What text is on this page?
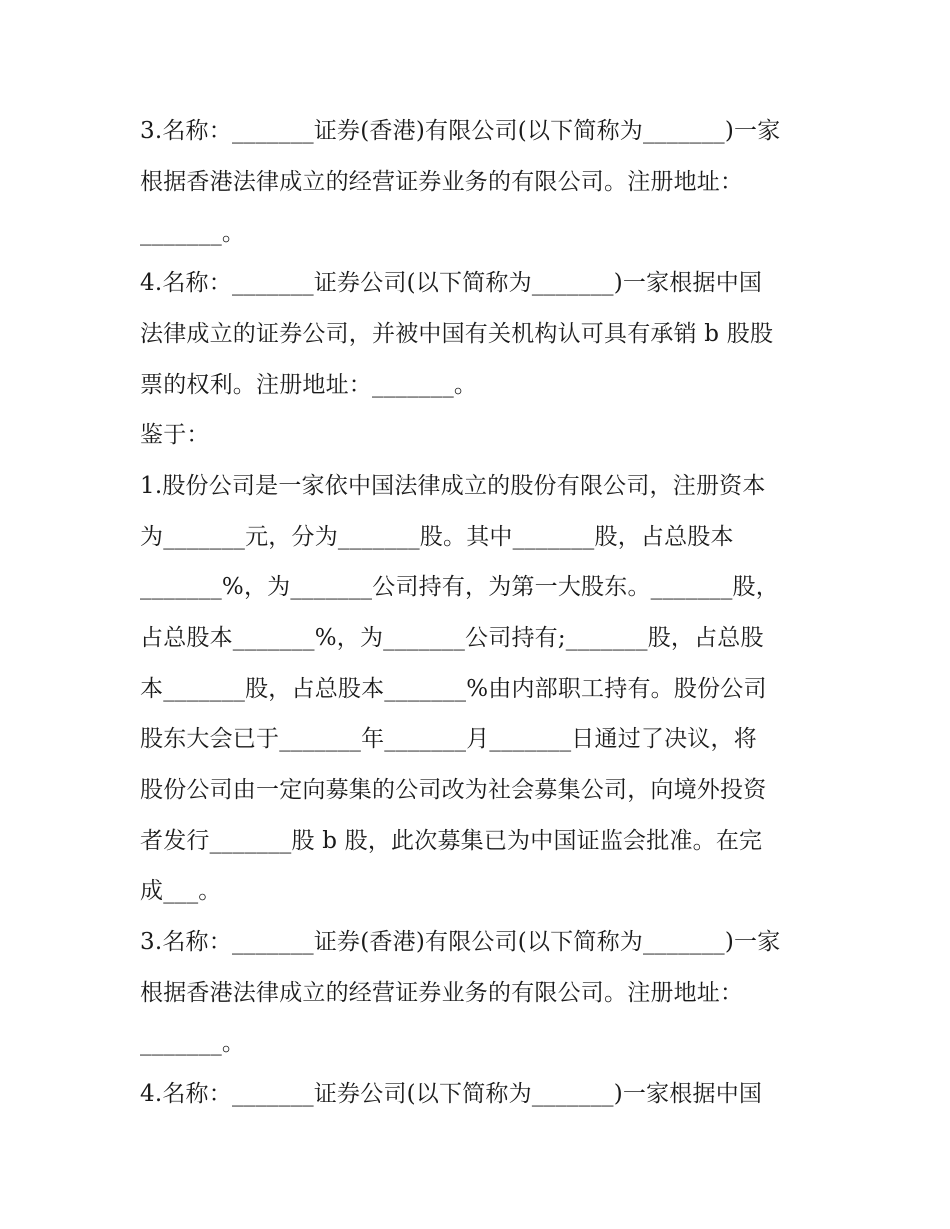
3.名称：_______证券(香港)有限公司(以下简称为_______)一家
根据香港法律成立的经营证券业务的有限公司。注册地址：
_______。
4.名称：_______证券公司(以下简称为_______)一家根据中国
法律成立的证券公司，并被中国有关机构认可具有承销 b 股股
票的权利。注册地址：_______。
鉴于：
1.股份公司是一家依中国法律成立的股份有限公司，注册资本
为_______元，分为_______股。其中_______股，占总股本
_______%，为_______公司持有，为第一大股东。_______股，
占总股本_______%，为_______公司持有;_______股，占总股
本_______股，占总股本_______%由内部职工持有。股份公司
股东大会已于_______年_______月_______日通过了决议，将
股份公司由一定向募集的公司改为社会募集公司，向境外投资
者发行_______股 b 股，此次募集已为中国证监会批准。在完
成___。
3.名称：_______证券(香港)有限公司(以下简称为_______)一家
根据香港法律成立的经营证券业务的有限公司。注册地址：
_______。
4.名称：_______证券公司(以下简称为_______)一家根据中国
